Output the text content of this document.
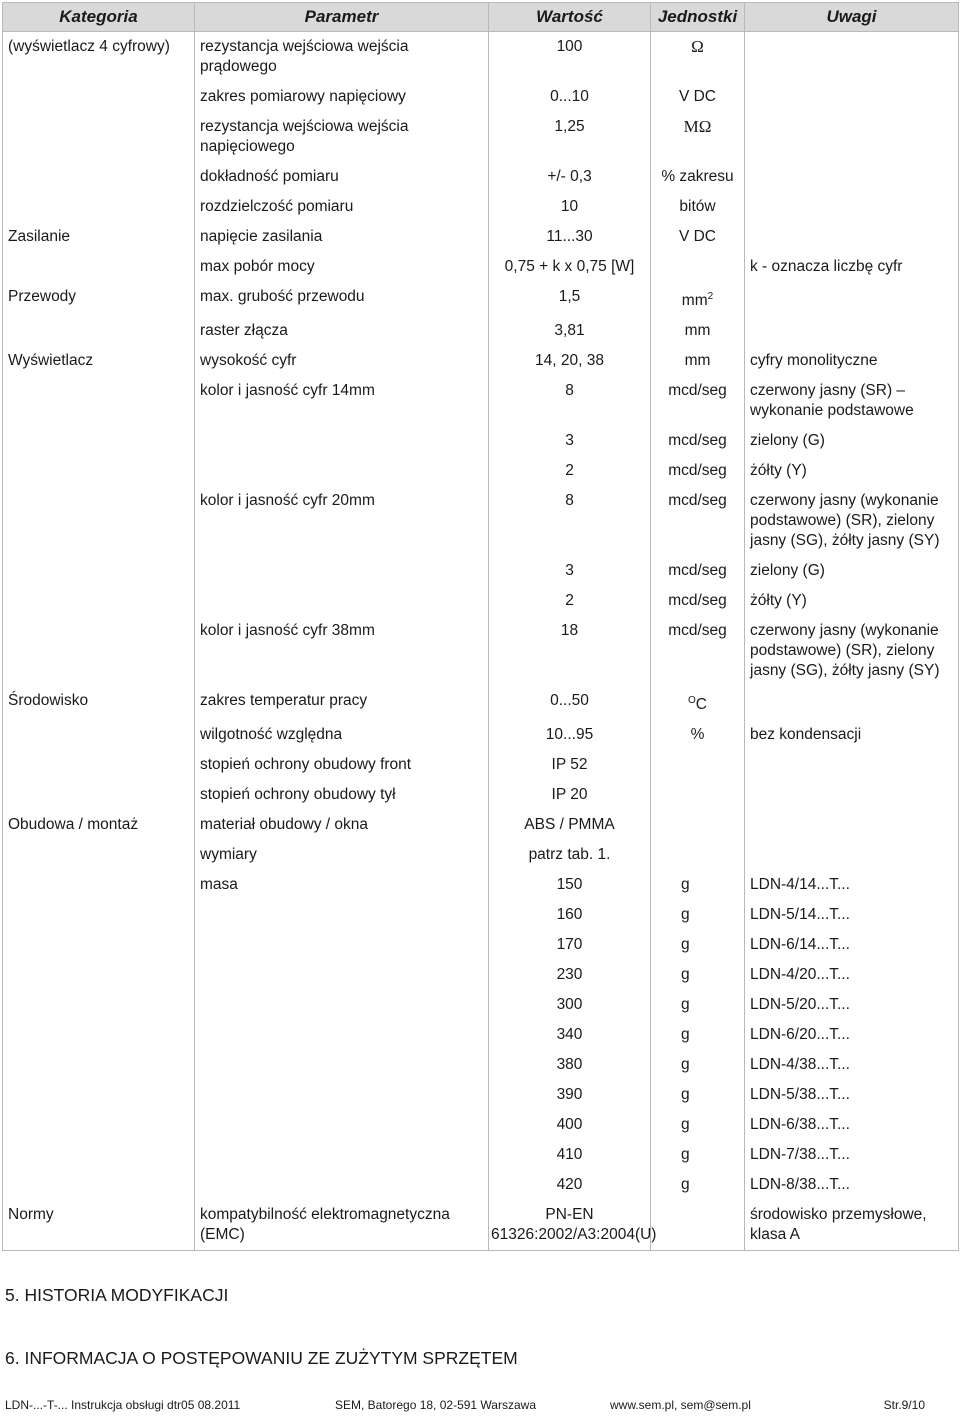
Kategoria	Parametr	Wartość	Jednostki	Uwagi
(wyświetlacz 4 cyfrowy)	rezystancja wejściowa wejścia prądowego	100	Ω	
	zakres pomiarowy napięciowy	0...10	V DC	
	rezystancja wejściowa wejścia napięciowego	1,25	MΩ	
	dokładność pomiaru	+/- 0,3	% zakresu	
	rozdzielczość pomiaru	10	bitów	
Zasilanie	napięcie zasilania	11...30	V DC	
	max pobór mocy	0,75 + k x 0,75 [W]		k - oznacza liczbę cyfr
Przewody	max. grubość przewodu	1,5	$mm^2$	
	raster złącza	3,81	mm	
Wyświetlacz	wysokość cyfr	14, 20, 38	mm	cyfry monolityczne
	kolor i jasność cyfr 14mm	8	mcd/seg	czerwony jasny (SR) – wykonanie podstawowe
		3	mcd/seg	zielony (G)
		2	mcd/seg	żółty (Y)
	kolor i jasność cyfr 20mm	8	mcd/seg	czerwony jasny (wykonanie podstawowe) (SR), zielony jasny (SG), żółty jasny (SY)
		3	mcd/seg	zielony (G)
		2	mcd/seg	żółty (Y)
	kolor i jasność cyfr 38mm	18	mcd/seg	czerwony jasny (wykonanie podstawowe) (SR), zielony jasny (SG), żółty jasny (SY)
Środowisko	zakres temperatur pracy	0...50	$^O$C	
	wilgotność względna	10...95	%	bez kondensacji
	stopień ochrony obudowy front	IP 52		
	stopień ochrony obudowy tył	IP 20		
Obudowa / montaż	materiał obudowy / okna	ABS / PMMA		
	wymiary	patrz tab. 1.		
	masa	150	g	LDN-4/14...T...
		160	g	LDN-5/14...T...
		170	g	LDN-6/14...T...
		230	g	LDN-4/20...T...
		300	g	LDN-5/20...T...
		340	g	LDN-6/20...T...
		380	g	LDN-4/38...T...
		390	g	LDN-5/38...T...
		400	g	LDN-6/38...T...
		410	g	LDN-7/38...T...
		420	g	LDN-8/38...T...
Normy	kompatybilność elektromagnetyczna (EMC)	PN-EN 61326:2002/A3:2004(U)		środowisko przemysłowe, klasa A
5. HISTORIA MODYFIKACJI
6. INFORMACJA O POSTĘPOWANIU ZE ZUŻYTYM SPRZĘTEM
LDN-...-T-... Instrukcja obsługi dtr05 08.2011	SEM, Batorego 18, 02-591 Warszawa	www.sem.pl, sem@sem.pl	Str.9/10
